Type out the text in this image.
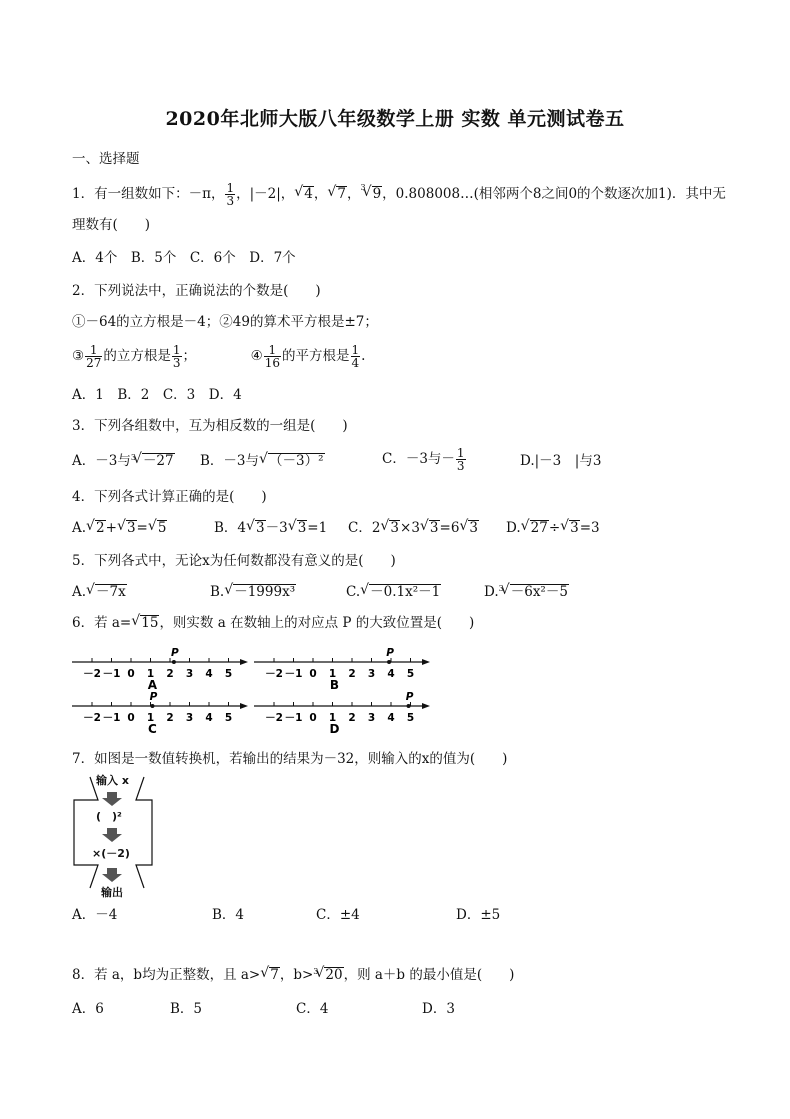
2020年北师大版八年级数学上册 实数 单元测试卷五
一、选择题
1．有一组数如下：－π， $\frac{1}{3}$ ，|－2|， √ 4， √ 7，$^3$ √ 9，0.808008…(相邻两个8之间0的个数逐次加1)．其中无
理数有(　　)
A．4个　B．5个　C．6个　D．7个
2．下列说法中，正确说法的个数是(　　)
①－64的立方根是－4；②49的算术平方根是±7；
③ $\frac{1}{27}$ 的立方根是 $\frac{1}{3}$ ；	④ $\frac{1}{16}$ 的平方根是 $\frac{1}{4}$ .
A．1　B．2　C．3　D．4
3．下列各组数中，互为相反数的一组是(　　)
A．－3与$^3$ √ －27 B．－3与 √ （－3）²	C．－3与－ $\frac{1}{3}$	D.|－3　|与3
4．下列各式计算正确的是(　　)
A. √ 2+ √ 3= √ 5	B．4 √ 3－3 √ 3=1 C．2 √ 3×3 √ 3=6 √ 3 D. √ 27÷ √ 3=3
5．下列各式中，无论x为任何数都没有意义的是(　　)
A. √ －7x	B. √ －1999x³	C. √ －0.1x²－1	D.$^3$ √ －6x²－5
6．若 a= √ 15，则实数 a 在数轴上的对应点 P 的大致位置是(　　)
－2 －1 0 1 2 3 4 5
P
A
－2 －1 0 1 2 3 4 5
P
B
－2 －1 0 1 2 3 4 5
P
C
－2 －1 0 1 2 3 4 5
P
D
7．如图是一数值转换机，若输出的结果为－32，则输入的x的值为(　　)
输入 x
(　)²
×(－2)
输出
A．－4	B．4	C．±4	D．±5
8．若 a，b均为正整数，且 a> √ 7，b>$^3$ √ 20，则 a＋b 的最小值是(　　)
A．6	B．5	C．4	D．3
